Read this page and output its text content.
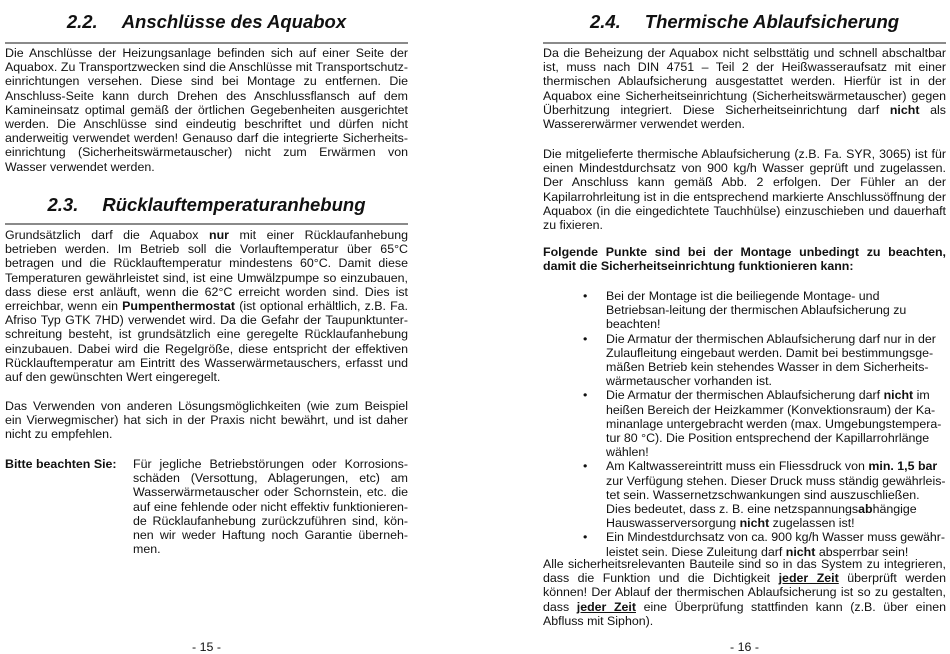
2.2. Anschlüsse des Aquabox

Die Anschlüsse der Heizungsanlage befinden sich auf einer Seite der Aquabox. Zu Transportzwecken sind die Anschlüsse mit Transportschutz-einrichtungen versehen. Diese sind bei Montage zu entfernen. Die Anschluss-Seite kann durch Drehen des Anschlussflansch auf dem Kamineinsatz optimal gemäß der örtlichen Gegebenheiten ausgerichtet werden. Die Anschlüsse sind eindeutig beschriftet und dürfen nicht anderweitig verwendet werden! Genauso darf die integrierte Sicherheits-einrichtung (Sicherheitswärmetauscher) nicht zum Erwärmen von Wasser verwendet werden.

2.3. Rücklauftemperaturanhebung

Grundsätzlich darf die Aquabox nur mit einer Rücklaufanhebung betrieben werden. Im Betrieb soll die Vorlauftemperatur über 65°C betragen und die Rücklauftemperatur mindestens 60°C. Damit diese Temperaturen gewährleistet sind, ist eine Umwälzpumpe so einzubauen, dass diese erst anläuft, wenn die 62°C erreicht worden sind. Dies ist erreichbar, wenn ein Pumpenthermostat (ist optional erhältlich, z.B. Fa. Afriso Typ GTK 7HD) verwendet wird. Da die Gefahr der Taupunktunter-schreitung besteht, ist grundsätzlich eine geregelte Rücklaufanhebung einzubauen. Dabei wird die Regelgröße, diese entspricht der effektiven Rücklauftemperatur am Eintritt des Wasserwärmetauschers, erfasst und auf den gewünschten Wert eingeregelt.

Das Verwenden von anderen Lösungsmöglichkeiten (wie zum Beispiel ein Vierwegmischer) hat sich in der Praxis nicht bewährt, und ist daher nicht zu empfehlen.

Bitte beachten Sie:	Für jegliche Betriebstörungen oder Korrosions-schäden (Versottung, Ablagerungen, etc) am Wasserwärmetauscher oder Schornstein, etc. die auf eine fehlende oder nicht effektiv funktionieren-de Rücklaufanhebung zurückzuführen sind, kön-nen wir weder Haftung noch Garantie überneh-men.
- 15 -
2.4. Thermische Ablaufsicherung

Da die Beheizung der Aquabox nicht selbsttätig und schnell abschaltbar ist, muss nach DIN 4751 – Teil 2 der Heißwasseraufsatz mit einer thermischen Ablaufsicherung ausgestattet werden. Hierfür ist in der Aquabox eine Sicherheitseinrichtung (Sicherheitswärmetauscher) gegen Überhitzung integriert. Diese Sicherheitseinrichtung darf nicht als Wassererwärmer verwendet werden.

Die mitgelieferte thermische Ablaufsicherung (z.B. Fa. SYR, 3065) ist für einen Mindestdurchsatz von 900 kg/h Wasser geprüft und zugelassen. Der Anschluss kann gemäß Abb. 2 erfolgen. Der Fühler an der Kapilarrohrleitung ist in die entsprechend markierte Anschlussöffnung der Aquabox (in die eingedichtete Tauchhülse) einzuschieben und dauerhaft zu fixieren.

Folgende Punkte sind bei der Montage unbedingt zu beachten, damit die Sicherheitseinrichtung funktionieren kann:

• Bei der Montage ist die beiliegende Montage- und Betriebsan-leitung der thermischen Ablaufsicherung zu beachten!
• Die Armatur der thermischen Ablaufsicherung darf nur in der Zulaufleitung eingebaut werden. Damit bei bestimmungsge-mäßen Betrieb kein stehendes Wasser in dem Sicherheits-wärmetauscher vorhanden ist.
• Die Armatur der thermischen Ablaufsicherung darf nicht im heißen Bereich der Heizkammer (Konvektionsraum) der Ka-minanlage untergebracht werden (max. Umgebungstempera-tur 80 °C). Die Position entsprechend der Kapillarrohrlänge wählen!
• Am Kaltwassereintritt muss ein Fliessdruck von min. 1,5 bar zur Verfügung stehen. Dieser Druck muss ständig gewährleis-tet sein. Wassernetzschwankungen sind auszuschließen. Dies bedeutet, dass z. B. eine netzspannungsabhängige Hauswasserversorgung nicht zugelassen ist!
• Ein Mindestdurchsatz von ca. 900 kg/h Wasser muss gewähr-leistet sein. Diese Zuleitung darf nicht absperrbar sein!

Alle sicherheitsrelevanten Bauteile sind so in das System zu integrieren, dass die Funktion und die Dichtigkeit jeder Zeit überprüft werden können! Der Ablauf der thermischen Ablaufsicherung ist so zu gestalten, dass jeder Zeit eine Überprüfung stattfinden kann (z.B. über einen Abfluss mit Siphon).

- 16 -
